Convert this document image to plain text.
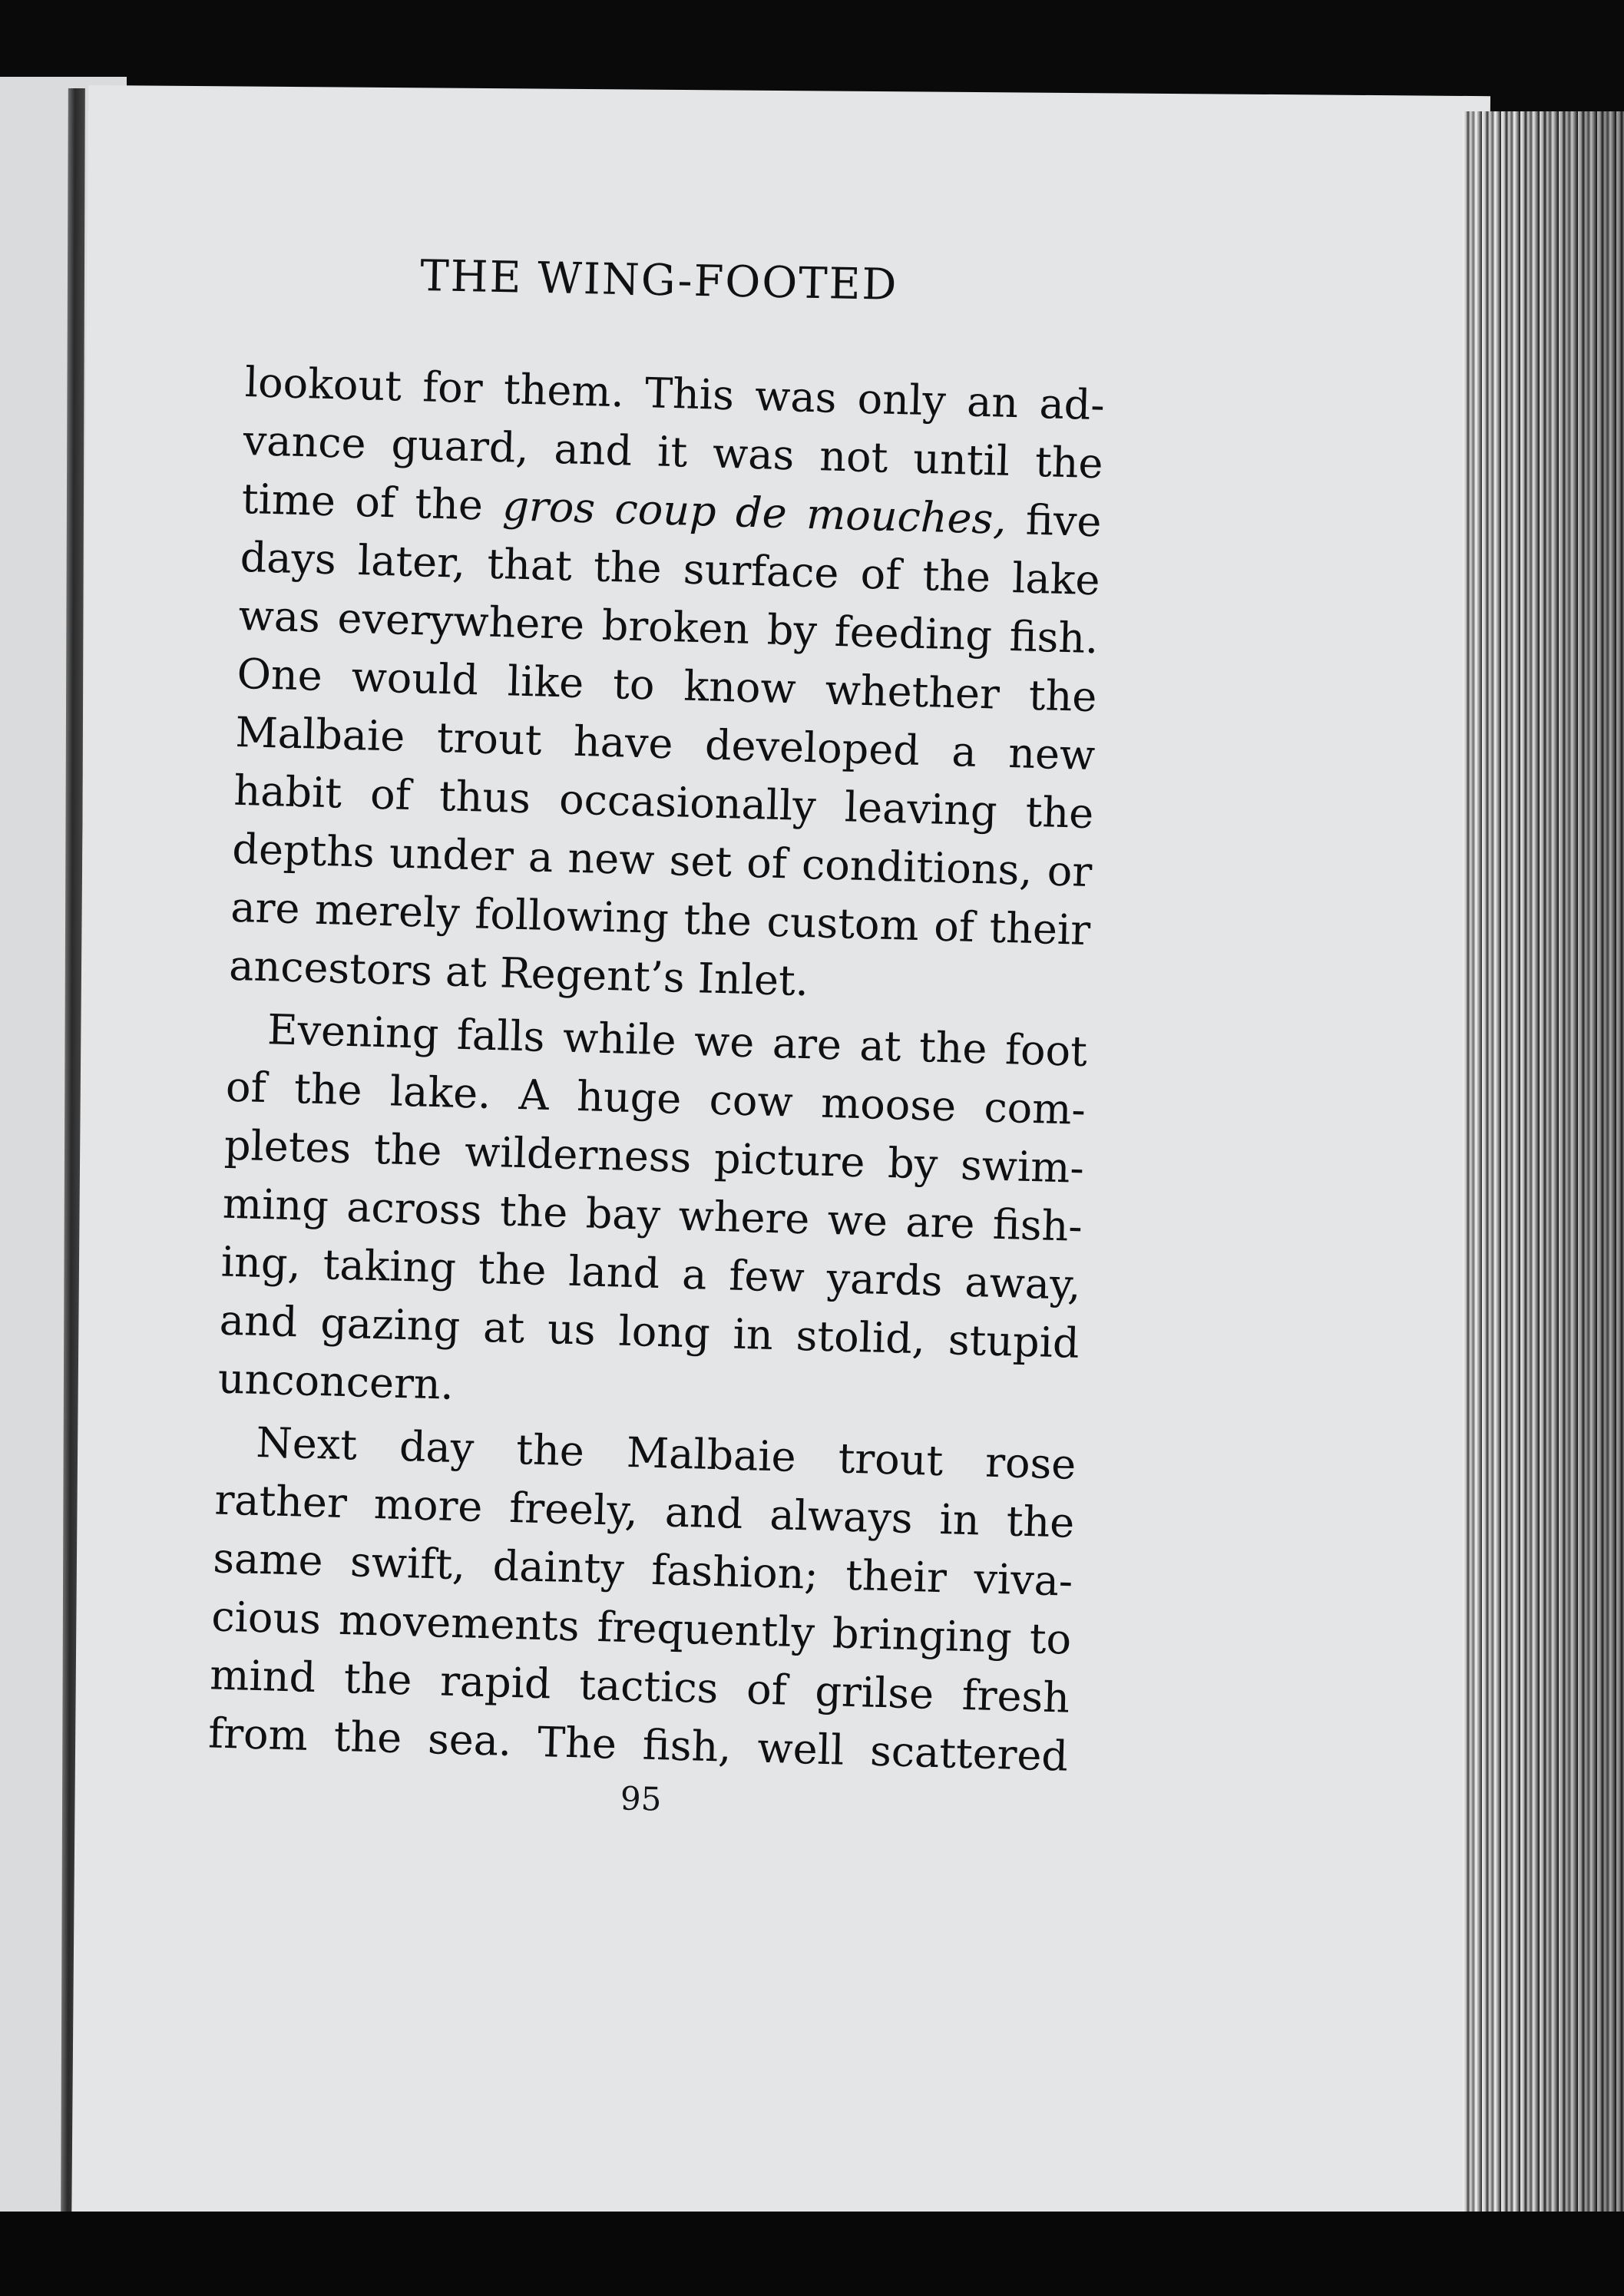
THE WING-FOOTED
lookout for them. This was only an ad-
vance guard, and it was not until the
time of the gros coup de mouches, five
days later, that the surface of the lake
was everywhere broken by feeding fish.
One would like to know whether the
Malbaie trout have developed a new
habit of thus occasionally leaving the
depths under a new set of conditions, or
are merely following the custom of their
ancestors at Regent’s Inlet.
Evening falls while we are at the foot
of the lake. A huge cow moose com-
pletes the wilderness picture by swim-
ming across the bay where we are fish-
ing, taking the land a few yards away,
and gazing at us long in stolid, stupid
unconcern.
Next day the Malbaie trout rose
rather more freely, and always in the
same swift, dainty fashion; their viva-
cious movements frequently bringing to
mind the rapid tactics of grilse fresh
from the sea. The fish, well scattered
95
